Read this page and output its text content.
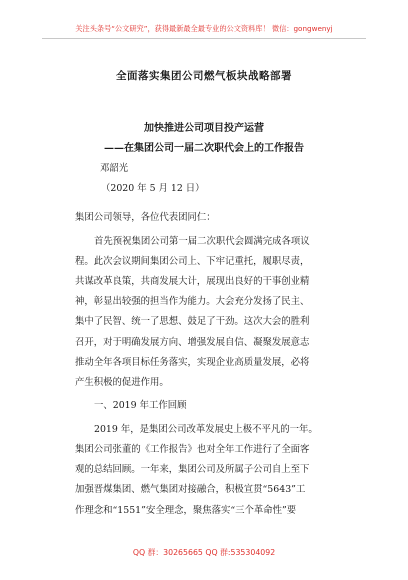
关注头条号“公文研究”，获得最新最全最专业的公文资料库！ 微信：gongwenyj
全面落实集团公司燃气板块战略部署
加快推进公司项目投产运营
——在集团公司一届二次职代会上的工作报告
邓韶光
（2020 年 5 月 12 日）
集团公司领导，各位代表团同仁：
首先预祝集团公司第一届二次职代会圆满完成各项议
程。此次会议期间集团公司上、下牢记重托，履职尽责，
共谋改革良策，共商发展大计，展现出良好的干事创业精
神，彰显出较强的担当作为能力。大会充分发扬了民主、
集中了民智、统一了思想、鼓足了干劲。这次大会的胜利
召开，对于明确发展方向、增强发展自信、凝聚发展意志
推动全年各项目标任务落实，实现企业高质量发展，必将
产生积极的促进作用。
一、2019 年工作回顾
2019 年，是集团公司改革发展史上极不平凡的一年。
集团公司张董的《工作报告》也对全年工作进行了全面客
观的总结回顾。一年来，集团公司及所属子公司自上至下
加强晋煤集团、燃气集团对接融合，积极宣贯“5643”工
作理念和“1551”安全理念，聚焦落实“三个革命性”要
QQ 群：30265665 QQ 群:535304092
